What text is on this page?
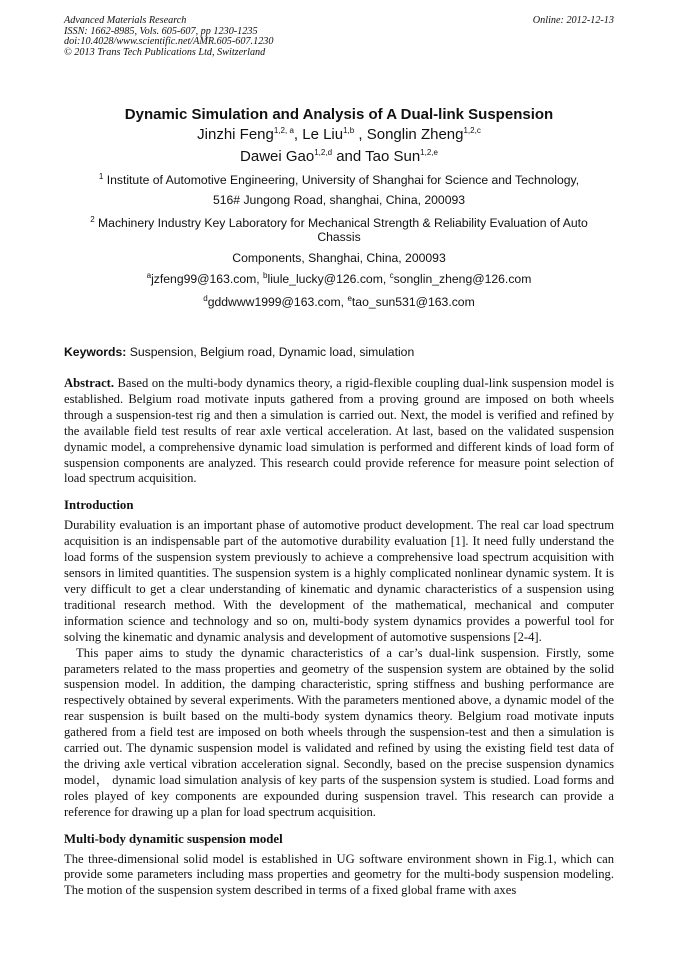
Advanced Materials Research
ISSN: 1662-8985, Vols. 605-607, pp 1230-1235
doi:10.4028/www.scientific.net/AMR.605-607.1230
© 2013 Trans Tech Publications Ltd, Switzerland
Online: 2012-12-13
Dynamic Simulation and Analysis of A Dual-link Suspension
Jinzhi Feng$^{1,2, a}$, Le Liu$^{1,b}$ , Songlin Zheng$^{1,2,c}$
Dawei Gao$^{1,2,d}$ and Tao Sun$^{1,2,e}$
$^1$ Institute of Automotive Engineering, University of Shanghai for Science and Technology,
516# Jungong Road, shanghai, China, 200093
$^2$ Machinery Industry Key Laboratory for Mechanical Strength & Reliability Evaluation of Auto
Chassis
Components, Shanghai, China, 200093
$^a$jzfeng99@163.com, $^b$liule_lucky@126.com, $^c$songlin_zheng@126.com
$^d$gddwww1999@163.com, $^e$tao_sun531@163.com
Keywords: Suspension, Belgium road, Dynamic load, simulation
Abstract. Based on the multi-body dynamics theory, a rigid-flexible coupling dual-link suspension model is established. Belgium road motivate inputs gathered from a proving ground are imposed on both wheels through a suspension-test rig and then a simulation is carried out. Next, the model is verified and refined by the available field test results of rear axle vertical acceleration. At last, based on the validated suspension dynamic model, a comprehensive dynamic load simulation is performed and different kinds of load form of suspension components are analyzed. This research could provide reference for measure point selection of load spectrum acquisition.
Introduction
Durability evaluation is an important phase of automotive product development. The real car load spectrum acquisition is an indispensable part of the automotive durability evaluation [1]. It need fully understand the load forms of the suspension system previously to achieve a comprehensive load spectrum acquisition with sensors in limited quantities. The suspension system is a highly complicated nonlinear dynamic system. It is very difficult to get a clear understanding of kinematic and dynamic characteristics of a suspension using traditional research method. With the development of the mathematical, mechanical and computer information science and technology and so on, multi-body system dynamics provides a powerful tool for solving the kinematic and dynamic analysis and development of automotive suspensions [2-4].
This paper aims to study the dynamic characteristics of a car’s dual-link suspension. Firstly, some parameters related to the mass properties and geometry of the suspension system are obtained by the solid suspension model. In addition, the damping characteristic, spring stiffness and bushing performance are respectively obtained by several experiments. With the parameters mentioned above, a dynamic model of the rear suspension is built based on the multi-body system dynamics theory. Belgium road motivate inputs gathered from a field test are imposed on both wheels through the suspension-test and then a simulation is carried out. The dynamic suspension model is validated and refined by using the existing field test data of the driving axle vertical vibration acceleration signal. Secondly, based on the precise suspension dynamics model， dynamic load simulation analysis of key parts of the suspension system is studied. Load forms and roles played of key components are expounded during suspension travel. This research can provide a reference for drawing up a plan for load spectrum acquisition.
Multi-body dynamitic suspension model
The three-dimensional solid model is established in UG software environment shown in Fig.1, which can provide some parameters including mass properties and geometry for the multi-body suspension modeling. The motion of the suspension system described in terms of a fixed global frame with axes
